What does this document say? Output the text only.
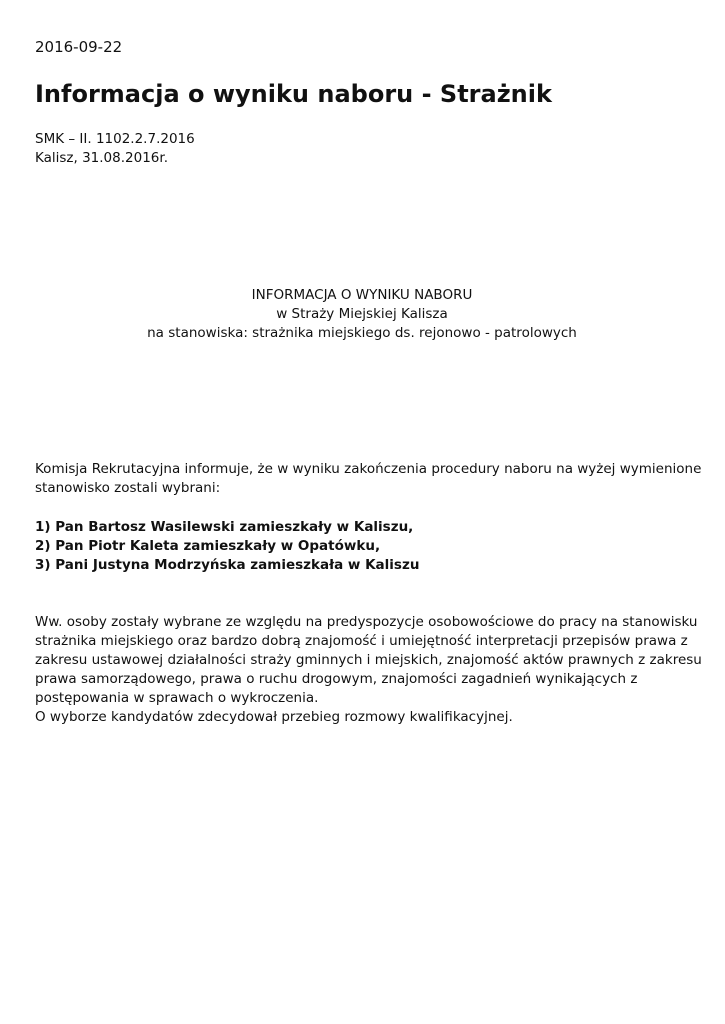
2016-09-22
Informacja o wyniku naboru - Strażnik
SMK – II. 1102.2.7.2016
Kalisz, 31.08.2016r.
INFORMACJA O WYNIKU NABORU
w Straży Miejskiej Kalisza
na stanowiska: strażnika miejskiego ds. rejonowo - patrolowych
Komisja Rekrutacyjna informuje, że w wyniku zakończenia procedury naboru na wyżej wymienione
stanowisko zostali wybrani:
1) Pan Bartosz Wasilewski zamieszkały w Kaliszu,
2) Pan Piotr Kaleta zamieszkały w Opatówku,
3) Pani Justyna Modrzyńska zamieszkała w Kaliszu
Ww. osoby zostały wybrane ze względu na predyspozycje osobowościowe do pracy na stanowisku
strażnika miejskiego oraz bardzo dobrą znajomość i umiejętność interpretacji przepisów prawa z
zakresu ustawowej działalności straży gminnych i miejskich, znajomość aktów prawnych z zakresu
prawa samorządowego, prawa o ruchu drogowym, znajomości zagadnień wynikających z
postępowania w sprawach o wykroczenia.
O wyborze kandydatów zdecydował przebieg rozmowy kwalifikacyjnej.
